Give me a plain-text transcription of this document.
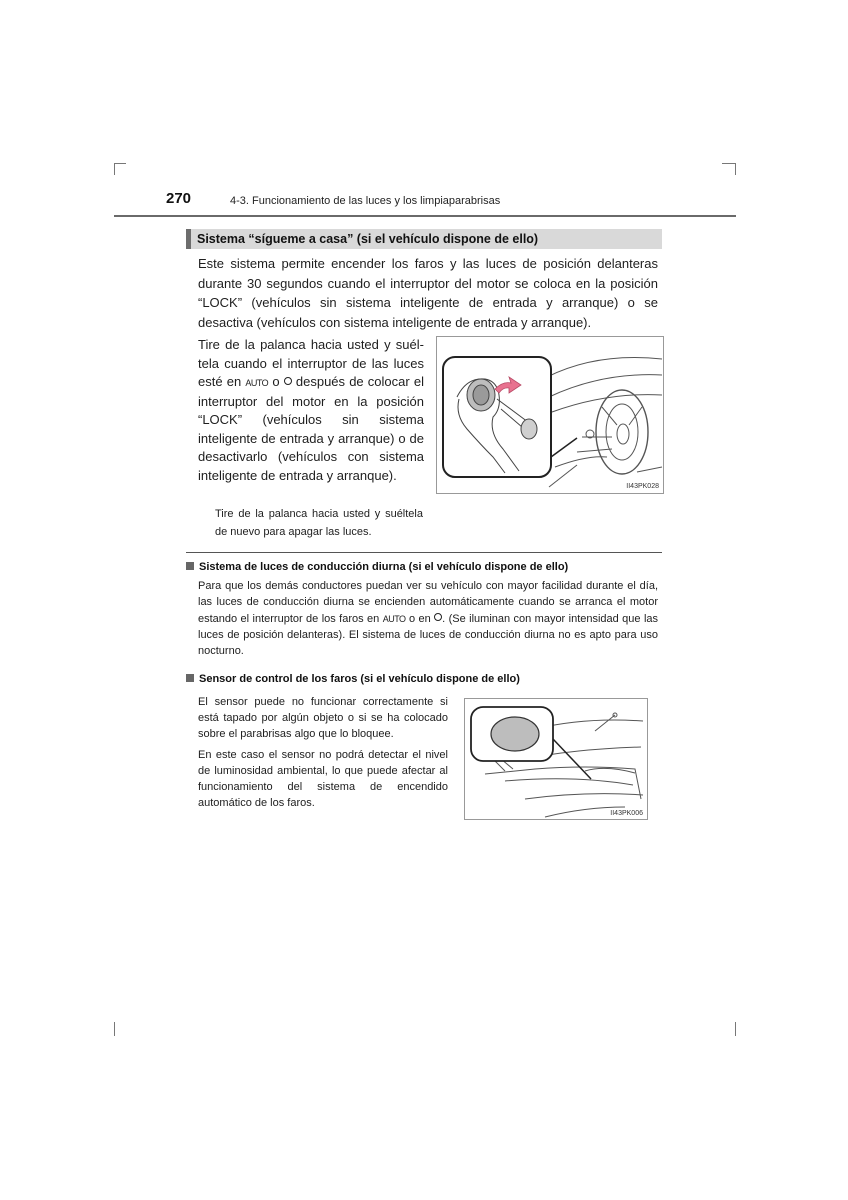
270	4-3. Funcionamiento de las luces y los limpiaparabrisas
Sistema “sígueme a casa” (si el vehículo dispone de ello)
Este sistema permite encender los faros y las luces de posición delanteras durante 30 segundos cuando el interruptor del motor se coloca en la posición “LOCK” (vehículos sin sistema inteligente de entrada y arranque) o se desactiva (vehículos con sistema inteligente de entrada y arranque).
Tire de la palanca hacia usted y suéltela cuando el interruptor de las luces esté en AUTO o después de colocar el interruptor del motor en la posición “LOCK” (vehículos sin sistema inteligente de entrada y arranque) o de desactivarlo (vehículos con sistema inteligente de entrada y arranque).
Tire de la palanca hacia usted y suéltela de nuevo para apagar las luces.
II43PK028
Sistema de luces de conducción diurna (si el vehículo dispone de ello)
Para que los demás conductores puedan ver su vehículo con mayor facilidad durante el día, las luces de conducción diurna se encienden automáticamente cuando se arranca el motor estando el interruptor de los faros en AUTO o en . (Se iluminan con mayor intensidad que las luces de posición delanteras). El sistema de luces de conducción diurna no es apto para uso nocturno.
Sensor de control de los faros (si el vehículo dispone de ello)

El sensor puede no funcionar correctamente si está tapado por algún objeto o si se ha colocado sobre el parabrisas algo que lo bloquee.

En este caso el sensor no podrá detectar el nivel de luminosidad ambiental, lo que puede afectar al funcionamiento del sistema de encendido automático de los faros.

II43PK006
